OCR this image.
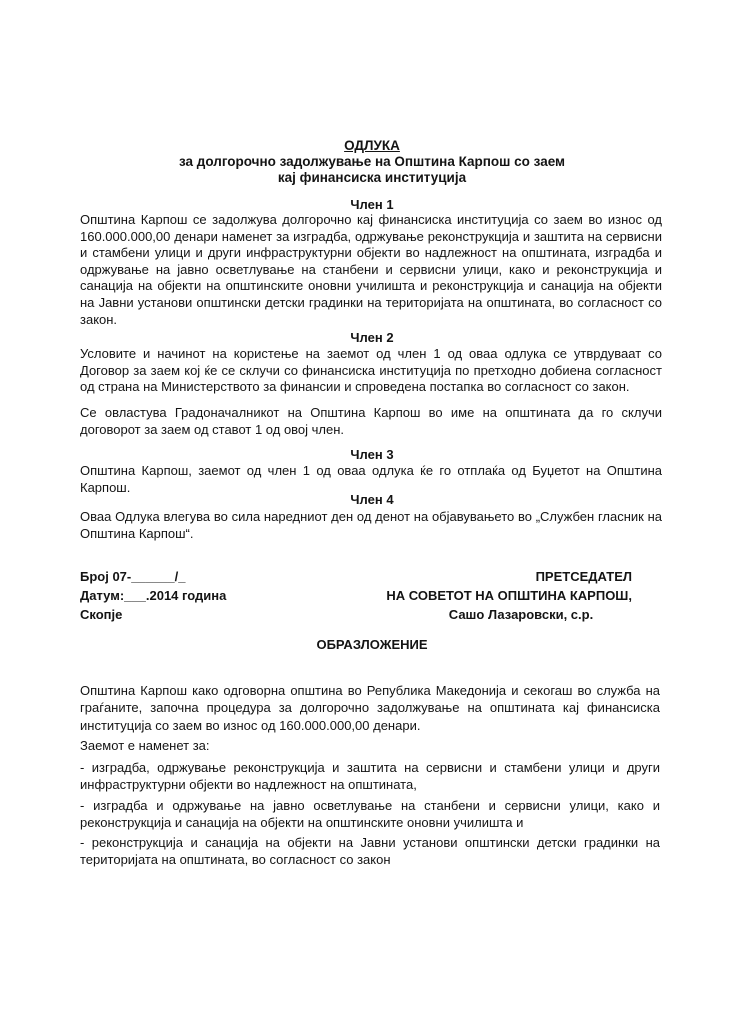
ОДЛУКА
за долгорочно задолжување на Општина Карпош со заем
кај финансиска институција
Член 1

Општина Карпош се задолжува долгорочно кај финансиска институција со заем во износ од 160.000.000,00 денари наменет за изградба, одржување реконструкција и заштита на сервисни и стамбени улици и други инфраструктурни објекти во надлежност на општината, изградба и одржување на јавно осветлување на станбени и сервисни улици, како и реконструкција и санација на објекти на општинските оновни училишта и реконструкција и санација на објекти на Јавни установи општински детски градинки на територијата на општината, во согласност со закон.

Член 2

Условите и начинот на користење на заемот од член 1 од оваа одлука се утврдуваат со Договор за заем кој ќе се склучи со финансиска институција по претходно добиена согласност од страна на Министерството за финансии и спроведена постапка во согласност со закон.

Се овластува Градоначалникот на Општина Карпош во име на општината да го склучи договорот за заем од ставот 1 од овој член.

Член 3

Општина Карпош, заемот од член 1 од оваа одлука ќе го отплаќа од Буџетот на Општина Карпош.

Член 4

Оваа Одлука влегува во сила наредниот ден од денот на објавувањето во „Службен гласник на Општина Карпош“.

Број 07-______/_
Датум:___.2014 година
Скопје
ПРЕТСЕДАТЕЛ
НА СОВЕТОТ НА ОПШТИНА КАРПОШ,
Сашо Лазаровски, с.р.
ОБРАЗЛОЖЕНИЕ

Општина Карпош како одговорна општина во Република Македонија и секогаш во служба на граѓаните, започна процедура за долгорочно задолжување на општината кај финансиска институција со заем во износ од 160.000.000,00 денари.

Заемот е наменет за:

- изградба, одржување реконструкција и заштита на сервисни и стамбени улици и други инфраструктурни објекти во надлежност на општината,

- изградба и одржување на јавно осветлување на станбени и сервисни улици, како и реконструкција и санација на објекти на општинските оновни училишта и

- реконструкција и санација на објекти на Јавни установи општински детски градинки на територијата на општината, во согласност со закон
